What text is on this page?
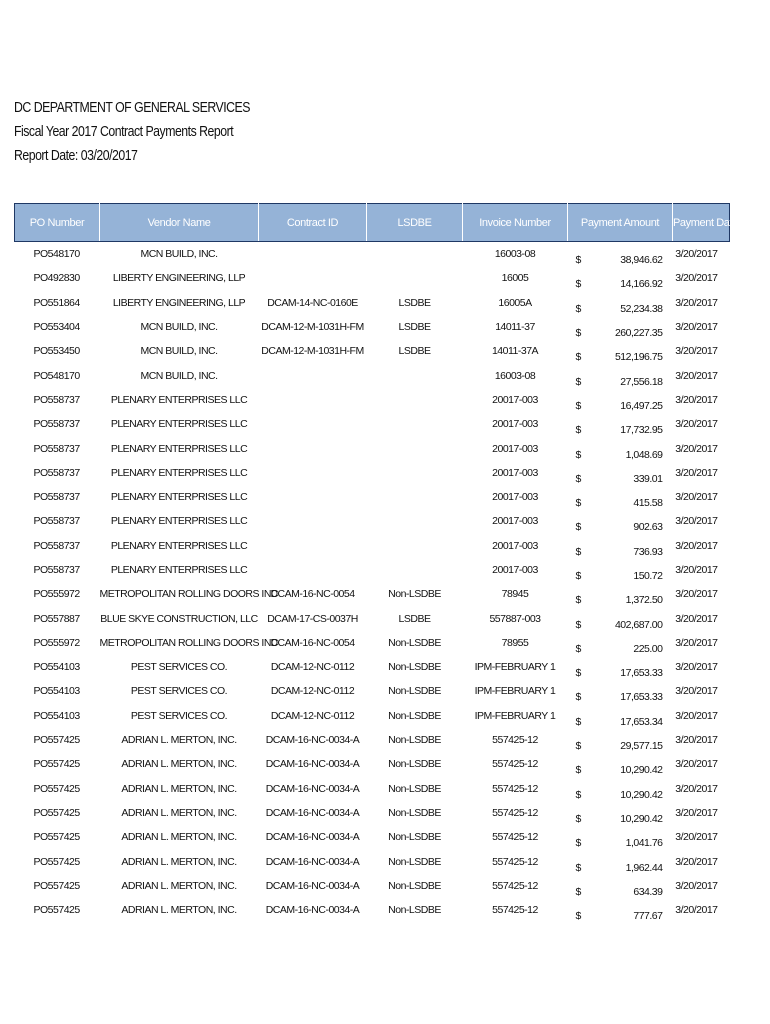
DC DEPARTMENT OF GENERAL SERVICES
Fiscal Year 2017 Contract Payments Report
Report Date: 03/20/2017
PO Number	Vendor Name	Contract ID	LSDBE	Invoice Number	Payment Amount	Payment Date
PO548170	MCN BUILD, INC.			16003-08	$ 38,946.62	3/20/2017
PO492830	LIBERTY ENGINEERING, LLP			16005	$ 14,166.92	3/20/2017
PO551864	LIBERTY ENGINEERING, LLP	DCAM-14-NC-0160E	LSDBE	16005A	$ 52,234.38	3/20/2017
PO553404	MCN BUILD, INC.	DCAM-12-M-1031H-FM	LSDBE	14011-37	$ 260,227.35	3/20/2017
PO553450	MCN BUILD, INC.	DCAM-12-M-1031H-FM	LSDBE	14011-37A	$ 512,196.75	3/20/2017
PO548170	MCN BUILD, INC.			16003-08	$ 27,556.18	3/20/2017
PO558737	PLENARY ENTERPRISES LLC			20017-003	$ 16,497.25	3/20/2017
PO558737	PLENARY ENTERPRISES LLC			20017-003	$ 17,732.95	3/20/2017
PO558737	PLENARY ENTERPRISES LLC			20017-003	$ 1,048.69	3/20/2017
PO558737	PLENARY ENTERPRISES LLC			20017-003	$ 339.01	3/20/2017
PO558737	PLENARY ENTERPRISES LLC			20017-003	$ 415.58	3/20/2017
PO558737	PLENARY ENTERPRISES LLC			20017-003	$ 902.63	3/20/2017
PO558737	PLENARY ENTERPRISES LLC			20017-003	$ 736.93	3/20/2017
PO558737	PLENARY ENTERPRISES LLC			20017-003	$ 150.72	3/20/2017
PO555972	METROPOLITAN ROLLING DOORS INC	DCAM-16-NC-0054	Non-LSDBE	78945	$ 1,372.50	3/20/2017
PO557887	BLUE SKYE CONSTRUCTION, LLC	DCAM-17-CS-0037H	LSDBE	557887-003	$ 402,687.00	3/20/2017
PO555972	METROPOLITAN ROLLING DOORS INC	DCAM-16-NC-0054	Non-LSDBE	78955	$ 225.00	3/20/2017
PO554103	PEST SERVICES CO.	DCAM-12-NC-0112	Non-LSDBE	IPM-FEBRUARY 1	$ 17,653.33	3/20/2017
PO554103	PEST SERVICES CO.	DCAM-12-NC-0112	Non-LSDBE	IPM-FEBRUARY 1	$ 17,653.33	3/20/2017
PO554103	PEST SERVICES CO.	DCAM-12-NC-0112	Non-LSDBE	IPM-FEBRUARY 1	$ 17,653.34	3/20/2017
PO557425	ADRIAN L. MERTON, INC.	DCAM-16-NC-0034-A	Non-LSDBE	557425-12	$ 29,577.15	3/20/2017
PO557425	ADRIAN L. MERTON, INC.	DCAM-16-NC-0034-A	Non-LSDBE	557425-12	$ 10,290.42	3/20/2017
PO557425	ADRIAN L. MERTON, INC.	DCAM-16-NC-0034-A	Non-LSDBE	557425-12	$ 10,290.42	3/20/2017
PO557425	ADRIAN L. MERTON, INC.	DCAM-16-NC-0034-A	Non-LSDBE	557425-12	$ 10,290.42	3/20/2017
PO557425	ADRIAN L. MERTON, INC.	DCAM-16-NC-0034-A	Non-LSDBE	557425-12	$ 1,041.76	3/20/2017
PO557425	ADRIAN L. MERTON, INC.	DCAM-16-NC-0034-A	Non-LSDBE	557425-12	$ 1,962.44	3/20/2017
PO557425	ADRIAN L. MERTON, INC.	DCAM-16-NC-0034-A	Non-LSDBE	557425-12	$ 634.39	3/20/2017
PO557425	ADRIAN L. MERTON, INC.	DCAM-16-NC-0034-A	Non-LSDBE	557425-12	$ 777.67	3/20/2017
